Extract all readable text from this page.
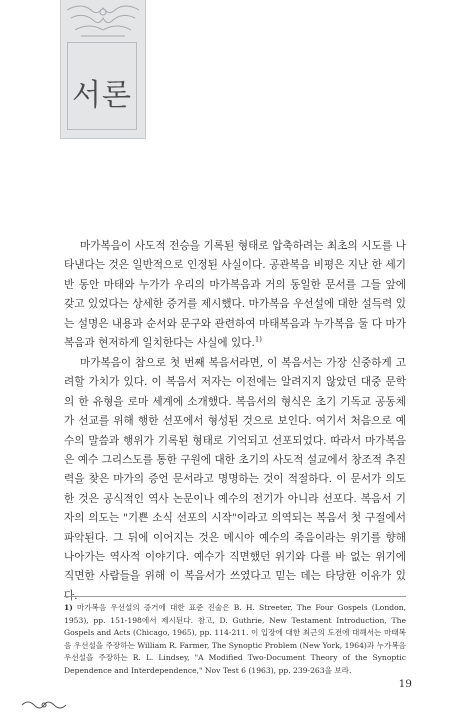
서론

마가복음이 사도적 전승을 기록된 형태로 압축하려는 최초의 시도를 나타낸다는 것은 일반적으로 인정된 사실이다. 공관복음 비평은 지난 한 세기 반 동안 마태와 누가가 우리의 마가복음과 거의 동일한 문서를 그들 앞에 갖고 있었다는 상세한 증거를 제시했다. 마가복음 우선설에 대한 설득력 있는 설명은 내용과 순서와 문구와 관련하여 마태복음과 누가복음 둘 다 마가복음과 현저하게 일치한다는 사실에 있다.$^{1)}$

마가복음이 참으로 첫 번째 복음서라면, 이 복음서는 가장 신중하게 고려할 가치가 있다. 이 복음서 저자는 이전에는 알려지지 않았던 대중 문학의 한 유형을 로마 세계에 소개했다. 복음서의 형식은 초기 기독교 공동체가 선교를 위해 행한 선포에서 형성된 것으로 보인다. 여기서 처음으로 예수의 말씀과 행위가 기록된 형태로 기억되고 선포되었다. 따라서 마가복음은 예수 그리스도를 통한 구원에 대한 초기의 사도적 설교에서 창조적 추진력을 찾은 마가의 증언 문서라고 명명하는 것이 적절하다. 이 문서가 의도한 것은 공식적인 역사 논문이나 예수의 전기가 아니라 선포다. 복음서 기자의 의도는 "기쁜 소식 선포의 시작"이라고 의역되는 복음서 첫 구절에서 파악된다. 그 뒤에 이어지는 것은 메시아 예수의 죽음이라는 위기를 향해 나아가는 역사적 이야기다. 예수가 직면했던 위기와 다를 바 없는 위기에 직면한 사람들을 위해 이 복음서가 쓰였다고 믿는 데는 타당한 이유가 있다.

1) 마가복음 우선설의 증거에 대한 표준 진술은 B. H. Streeter, The Four Gospels (London, 1953), pp. 151-198에서 제시된다. 참고, D. Guthrie, New Testament Introduction, The Gospels and Acts (Chicago, 1965), pp. 114-211. 이 입장에 대한 최근의 도전에 대해서는 마태복음 우선설을 주장하는 William R. Farmer, The Synoptic Problem (New York, 1964)과 누가복음 우선설을 주장하는 R. L. Lindsey, "A Modified Two-Document Theory of the Synoptic Dependence and Interdependence," Nov Test 6 (1963), pp. 239-263을 보라.

19
